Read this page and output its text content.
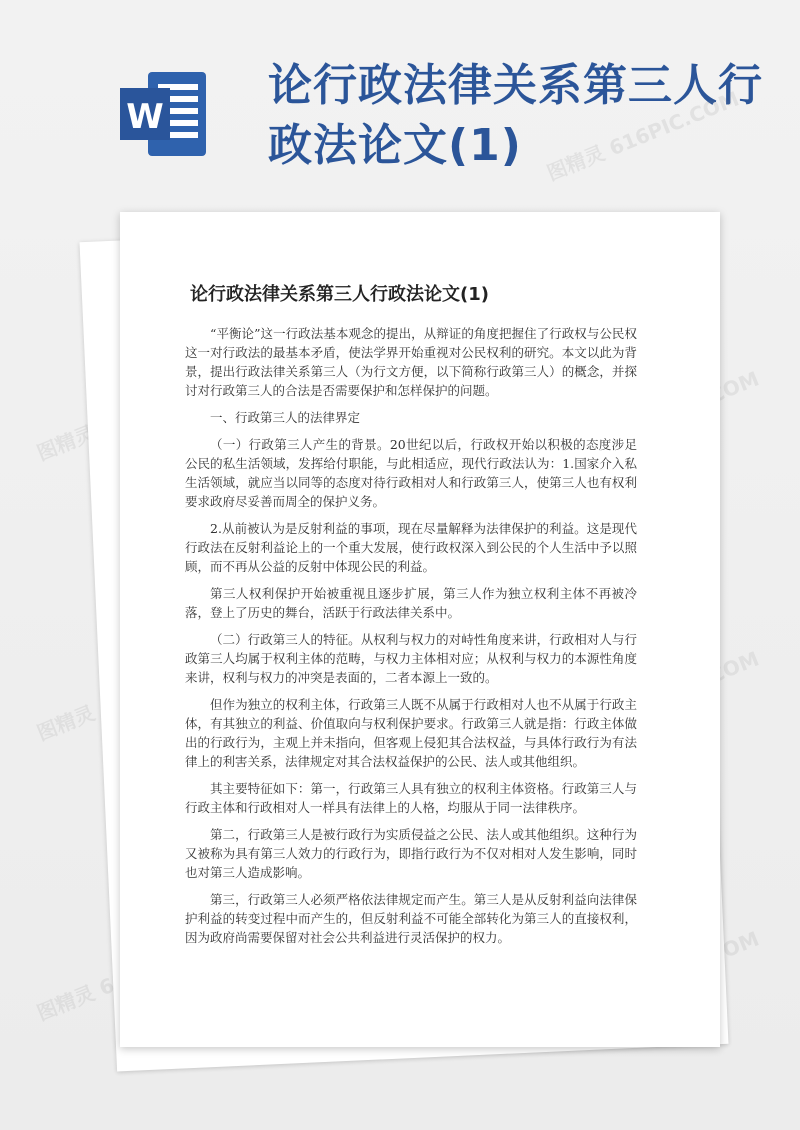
W
论行政法律关系第三人行政法论文(1)	图精灵 616PIC.COM
图精灵
图精灵
图精灵
论行政法律关系第三人行政法论文(1)

“平衡论”这一行政法基本观念的提出，从辩证的角度把握住了行政权与公民权这一对行政法的最基本矛盾，使法学界开始重视对公民权利的研究。本文以此为背景，提出行政法律关系第三人（为行文方便，以下简称行政第三人）的概念，并探讨对行政第三人的合法是否需要保护和怎样保护的问题。

一、行政第三人的法律界定

（一）行政第三人产生的背景。20世纪以后，行政权开始以积极的态度涉足公民的私生活领域，发挥给付职能，与此相适应，现代行政法认为：1.国家介入私生活领域，就应当以同等的态度对待行政相对人和行政第三人，使第三人也有权利要求政府尽妥善而周全的保护义务。

2.从前被认为是反射利益的事项，现在尽量解释为法律保护的利益。这是现代行政法在反射利益论上的一个重大发展，使行政权深入到公民的个人生活中予以照顾，而不再从公益的反射中体现公民的利益。

第三人权利保护开始被重视且逐步扩展，第三人作为独立权利主体不再被冷落，登上了历史的舞台，活跃于行政法律关系中。

（二）行政第三人的特征。从权利与权力的对峙性角度来讲，行政相对人与行政第三人均属于权利主体的范畴，与权力主体相对应；从权利与权力的本源性角度来讲，权利与权力的冲突是表面的，二者本源上一致的。

但作为独立的权利主体，行政第三人既不从属于行政相对人也不从属于行政主体，有其独立的利益、价值取向与权利保护要求。行政第三人就是指：行政主体做出的行政行为，主观上并未指向，但客观上侵犯其合法权益，与具体行政行为有法律上的利害关系，法律规定对其合法权益保护的公民、法人或其他组织。

其主要特征如下：第一，行政第三人具有独立的权利主体资格。行政第三人与行政主体和行政相对人一样具有法律上的人格，均服从于同一法律秩序。

第二，行政第三人是被行政行为实质侵益之公民、法人或其他组织。这种行为又被称为具有第三人效力的行政行为，即指行政行为不仅对相对人发生影响，同时也对第三人造成影响。

第三，行政第三人必须严格依法律规定而产生。第三人是从反射利益向法律保护利益的转变过程中而产生的，但反射利益不可能全部转化为第三人的直接权利，因为政府尚需要保留对社会公共利益进行灵活保护的权力。
